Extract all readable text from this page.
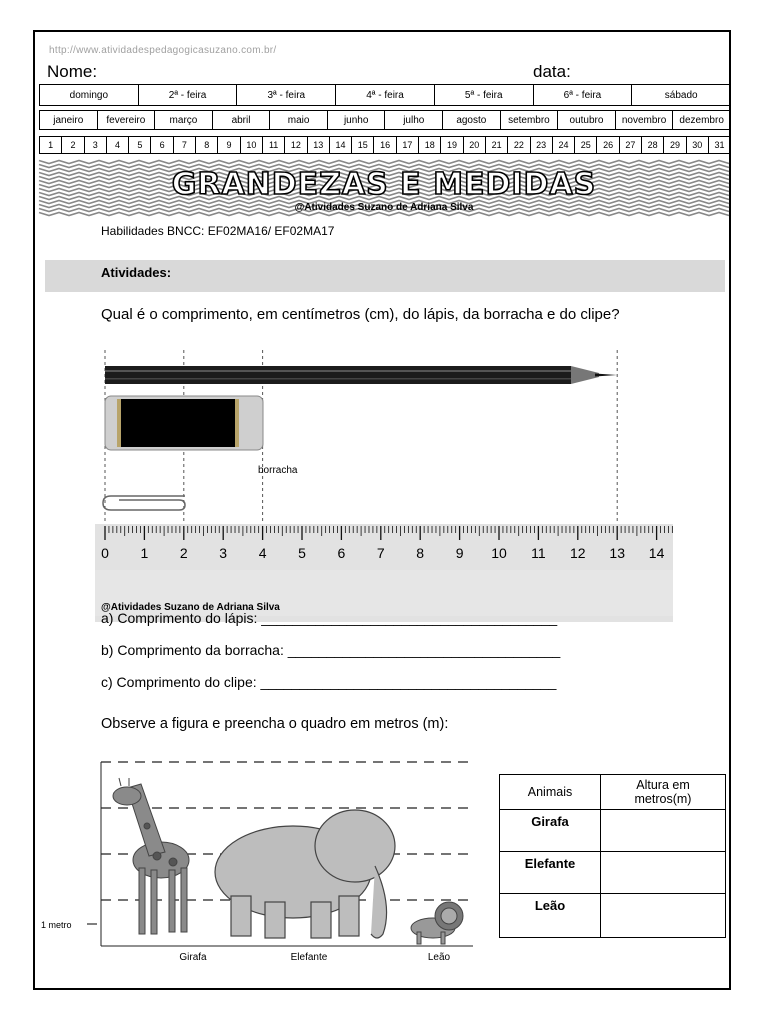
http://www.atividadespedagogicasuzano.com.br/
Nome:	data:
domingo	2ª - feira	3ª - feira	4ª - feira	5ª - feira	6ª - feira	sábado
janeiro	fevereiro	março	abril	maio	junho	julho	agosto	setembro	outubro	novembro	dezembro
1	2	3	4	5	6	7	8	9	10	11	12	13	14	15	16	17	18	19	20	21	22	23	24	25	26	27	28	29	30	31
GRANDEZAS E MEDIDAS
@Atividades Suzano de Adriana Silva
Habilidades BNCC: EF02MA16/ EF02MA17
Atividades:
Qual é o comprimento, em centímetros (cm), do lápis, da borracha e do clipe?
borracha
0 1 2 3 4 5 6 7 8 9 10 11 12 13 14
@Atividades Suzano de Adriana Silva
a) Comprimento do lápis: ______________________________________
b) Comprimento da borracha: ___________________________________
c) Comprimento do clipe: ______________________________________
Observe a figura e preencha o quadro em metros (m):
1 metro
Girafa	Elefante	Leão
Animais	Altura em
metros(m)
Girafa	
Elefante	
Leão	
